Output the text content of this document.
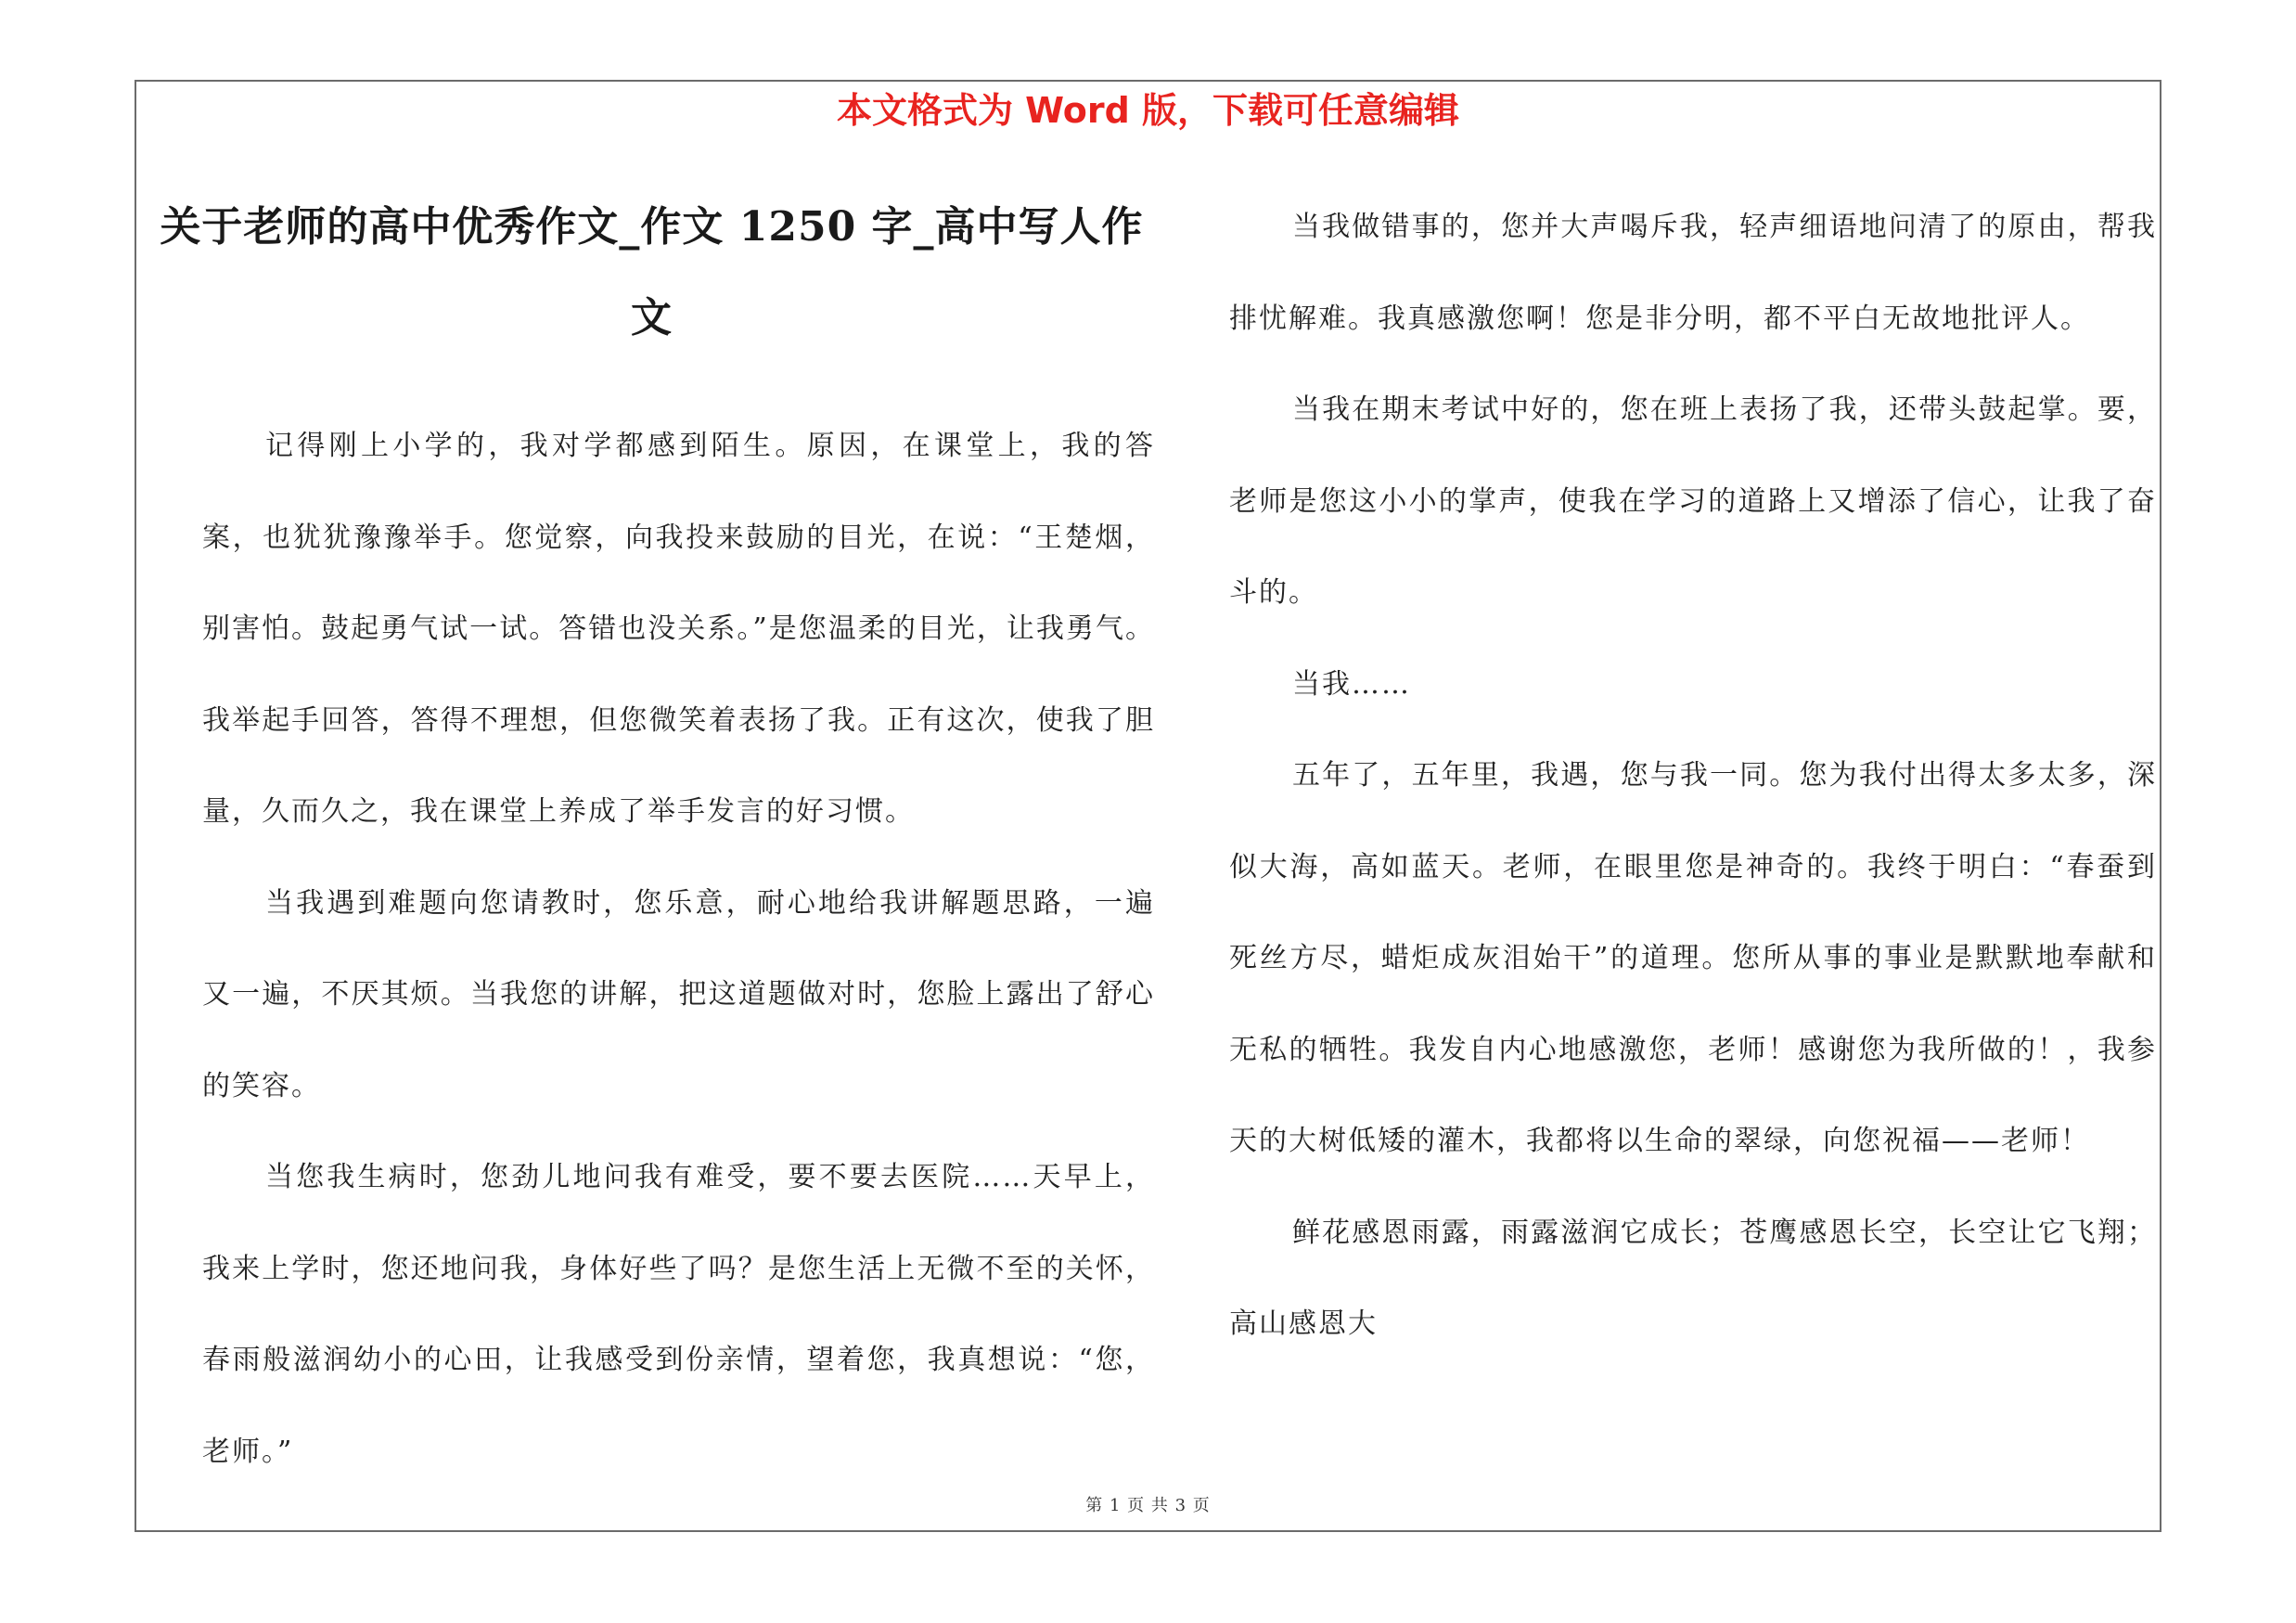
本文格式为 Word 版，下载可任意编辑
关于老师的高中优秀作文_作文 1250 字_高中写人作文

记得刚上小学的，我对学都感到陌生。原因，在课堂上，我的答案，也犹犹豫豫举手。您觉察，向我投来鼓励的目光，在说：“王楚烟，别害怕。鼓起勇气试一试。答错也没关系。”是您温柔的目光，让我勇气。我举起手回答，答得不理想，但您微笑着表扬了我。正有这次，使我了胆量，久而久之，我在课堂上养成了举手发言的好习惯。

当我遇到难题向您请教时，您乐意，耐心地给我讲解题思路，一遍又一遍，不厌其烦。当我您的讲解，把这道题做对时，您脸上露出了舒心的笑容。

当您我生病时，您劲儿地问我有难受，要不要去医院……天早上，我来上学时，您还地问我，身体好些了吗？是您生活上无微不至的关怀，春雨般滋润幼小的心田，让我感受到份亲情，望着您，我真想说：“您，老师。”

当我做错事的，您并大声喝斥我，轻声细语地问清了的原由，帮我排忧解难。我真感激您啊！您是非分明，都不平白无故地批评人。

当我在期末考试中好的，您在班上表扬了我，还带头鼓起掌。要，老师是您这小小的掌声，使我在学习的道路上又增添了信心，让我了奋斗的。

当我……

五年了，五年里，我遇，您与我一同。您为我付出得太多太多，深似大海，高如蓝天。老师，在眼里您是神奇的。我终于明白：“春蚕到死丝方尽，蜡炬成灰泪始干”的道理。您所从事的事业是默默地奉献和无私的牺牲。我发自内心地感激您，老师！感谢您为我所做的！，我参天的大树低矮的灌木，我都将以生命的翠绿，向您祝福——老师！

鲜花感恩雨露，雨露滋润它成长；苍鹰感恩长空，长空让它飞翔；高山感恩大

第 1 页 共 3 页
